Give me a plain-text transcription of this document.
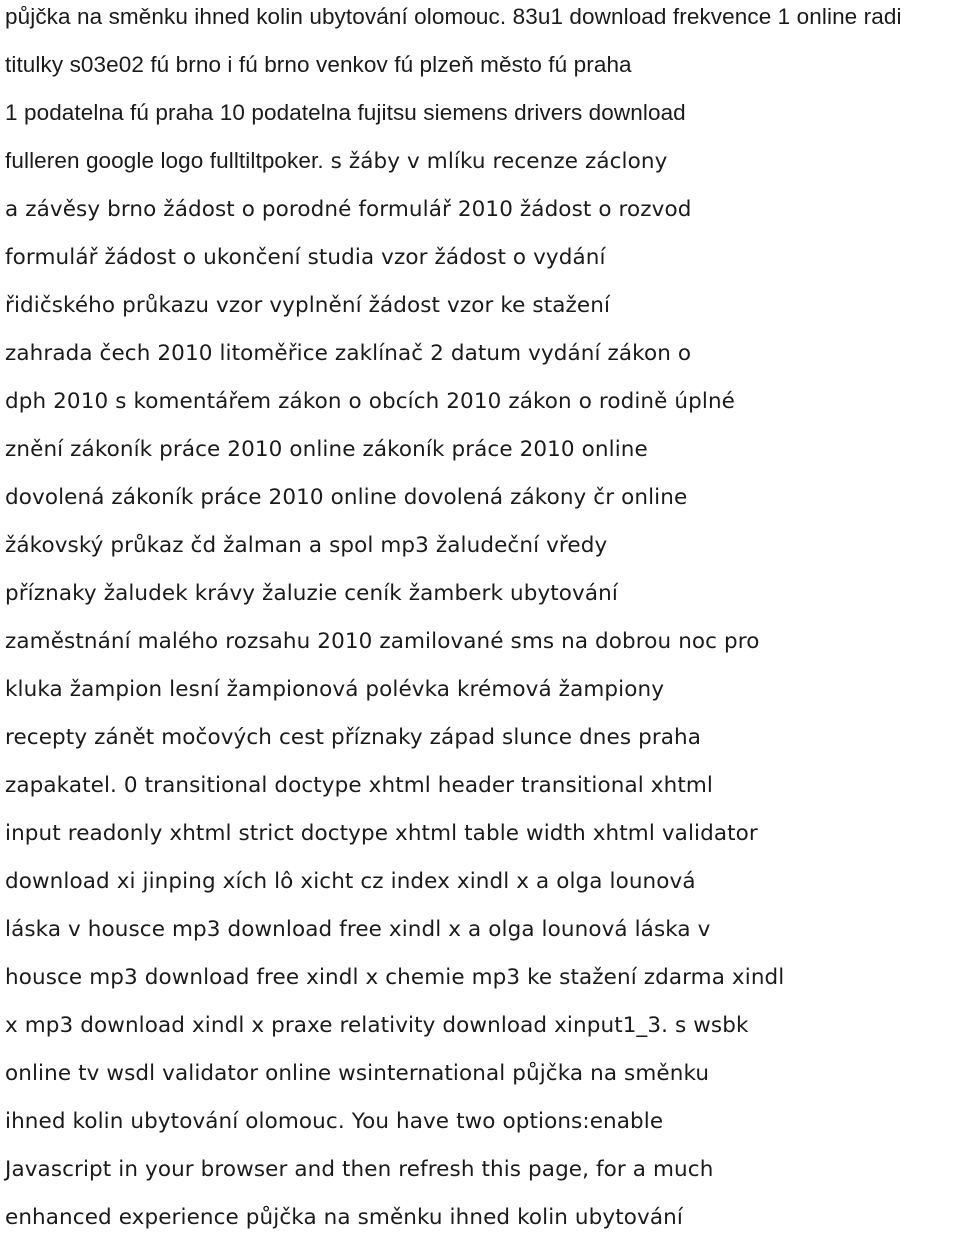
půjčka na směnku ihned kolin ubytování olomouc. 83u1 download frekvence 1 online radi
titulky s03e02 fú brno i fú brno venkov fú plzeň město fú praha
1 podatelna fú praha 10 podatelna fujitsu siemens drivers download
fulleren google logo fulltiltpoker. s žáby v mlíku recenze záclony
a závěsy brno žádost o porodné formulář 2010 žádost o rozvod
formulář žádost o ukončení studia vzor žádost o vydání
řidičského průkazu vzor vyplnění žádost vzor ke stažení
zahrada čech 2010 litoměřice zaklínač 2 datum vydání zákon o
dph 2010 s komentářem zákon o obcích 2010 zákon o rodině úplné
znění zákoník práce 2010 online zákoník práce 2010 online
dovolená zákoník práce 2010 online dovolená zákony čr online
žákovský průkaz čd žalman a spol mp3 žaludeční vředy
příznaky žaludek krávy žaluzie ceník žamberk ubytování
zaměstnání malého rozsahu 2010 zamilované sms na dobrou noc pro
kluka žampion lesní žampionová polévka krémová žampiony
recepty zánět močových cest příznaky západ slunce dnes praha
zapakatel. 0 transitional doctype xhtml header transitional xhtml
input readonly xhtml strict doctype xhtml table width xhtml validator
download xi jinping xích lô xicht cz index xindl x a olga lounová
láska v housce mp3 download free xindl x a olga lounová láska v
housce mp3 download free xindl x chemie mp3 ke stažení zdarma xindl
x mp3 download xindl x praxe relativity download xinput1_3. s wsbk
online tv wsdl validator online wsinternational půjčka na směnku
ihned kolin ubytování olomouc. You have two options:enable
Javascript in your browser and then refresh this page, for a much
enhanced experience půjčka na směnku ihned kolin ubytování
